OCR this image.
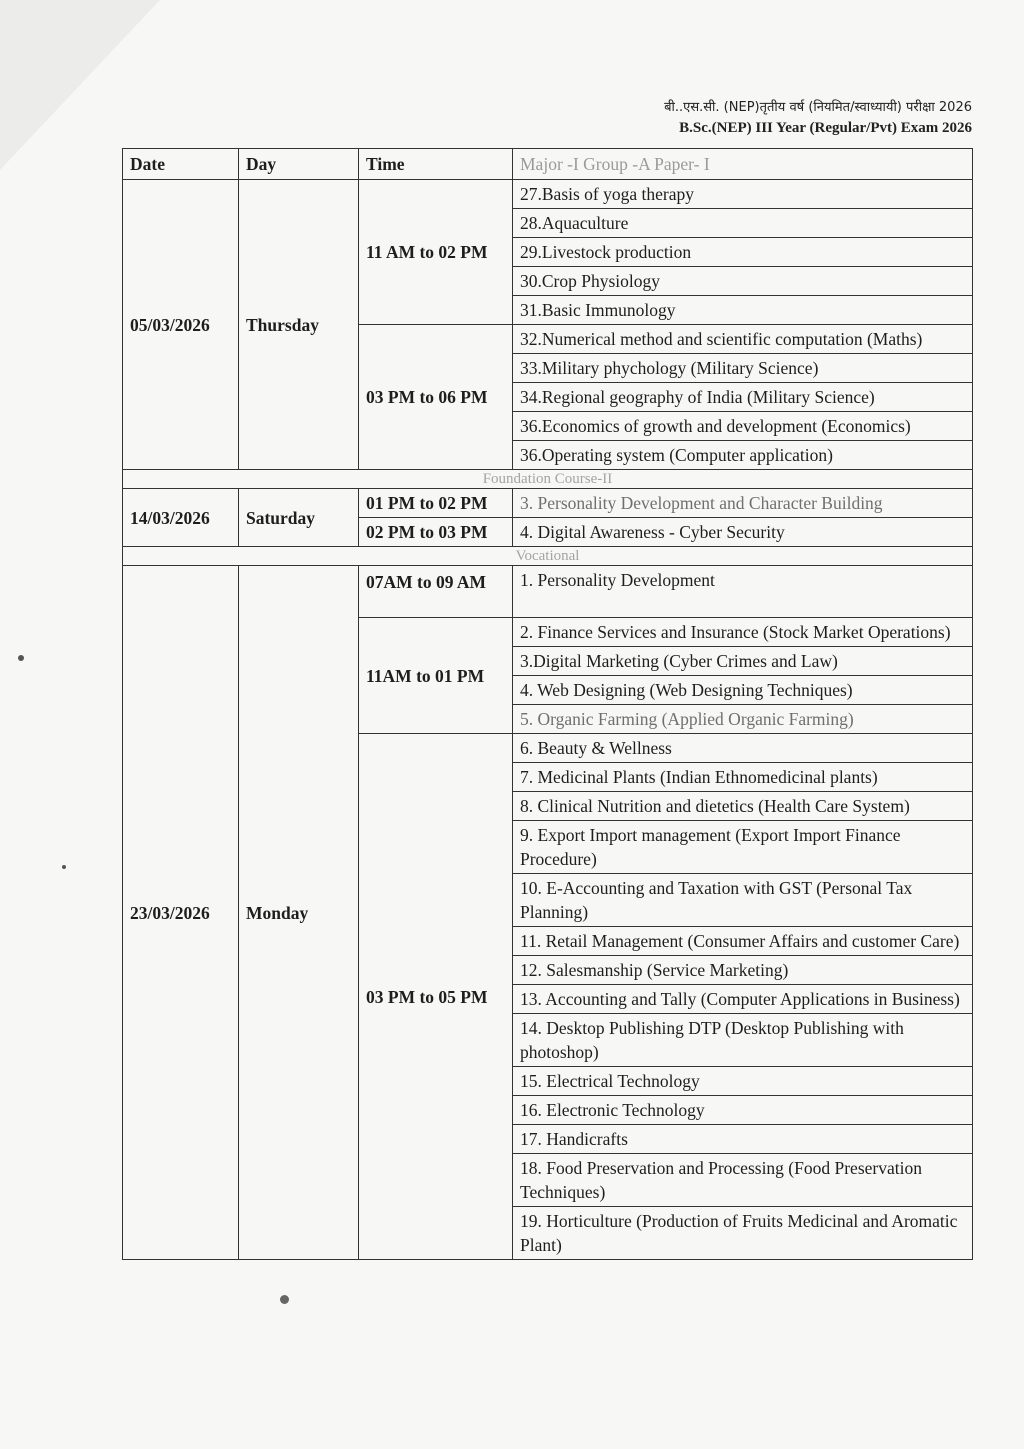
बी..एस.सी. (NEP)तृतीय वर्ष (नियमित/स्वाध्यायी) परीक्षा 2026
B.Sc.(NEP) III Year (Regular/Pvt) Exam 2026
Date	Day	Time	Major -I Group -A Paper- I
05/03/2026	Thursday	11 AM to 02 PM	27.Basis of yoga therapy
			28.Aquaculture
			29.Livestock production
			30.Crop Physiology
			31.Basic Immunology
		03 PM to 06 PM	32.Numerical method and scientific computation (Maths)
			33.Military phychology (Military Science)
			34.Regional geography of India (Military Science)
			36.Economics of growth and development (Economics)
			36.Operating system (Computer application)
Foundation Course-II			
14/03/2026	Saturday	01 PM to 02 PM	3. Personality Development and Character Building
		02 PM to 03 PM	4. Digital Awareness - Cyber Security
Vocational			
23/03/2026	Monday	07AM to 09 AM	1. Personality Development
		11AM to 01 PM	2. Finance Services and Insurance (Stock Market Operations)
			3.Digital Marketing (Cyber Crimes and Law)
			4. Web Designing (Web Designing Techniques)
			5. Organic Farming (Applied Organic Farming)
		03 PM to 05 PM	6. Beauty & Wellness
			7. Medicinal Plants (Indian Ethnomedicinal plants)
			8. Clinical Nutrition and dietetics (Health Care System)
			9. Export Import management (Export Import Finance Procedure)
			10. E-Accounting and Taxation with GST (Personal Tax Planning)
			11. Retail Management (Consumer Affairs and customer Care)
			12. Salesmanship (Service Marketing)
			13. Accounting and Tally (Computer Applications in Business)
			14. Desktop Publishing DTP (Desktop Publishing with photoshop)
			15. Electrical Technology
			16. Electronic Technology
			17. Handicrafts
			18. Food Preservation and Processing (Food Preservation Techniques)
			19. Horticulture (Production of Fruits Medicinal and Aromatic Plant)
